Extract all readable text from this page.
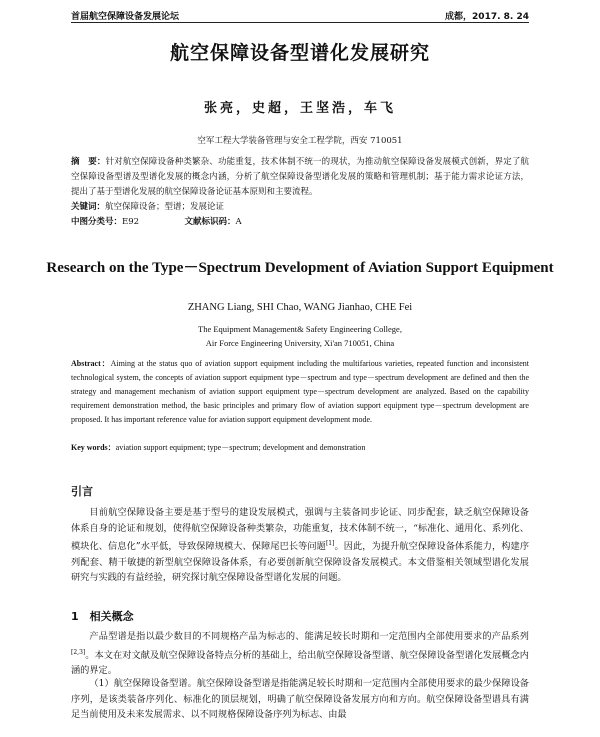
首届航空保障设备发展论坛	成都，2017. 8. 24
航空保障设备型谱化发展研究
张亮，史超，王坚浩，车飞
空军工程大学装备管理与安全工程学院，西安 710051
摘　要：针对航空保障设备种类繁杂、功能重复，技术体制不统一的现状，为推动航空保障设备发展模式创新，界定了航空保障设备型谱及型谱化发展的概念内涵，分析了航空保障设备型谱化发展的策略和管理机制；基于能力需求论证方法，提出了基于型谱化发展的航空保障设备论证基本原则和主要流程。
关键词：航空保障设备；型谱；发展论证
中图分类号：E92	文献标识码：A
Research on the Type－Spectrum Development of Aviation Support Equipment
ZHANG Liang, SHI Chao, WANG Jianhao, CHE Fei
The Equipment Management& Safety Engineering College,
Air Force Engineering University, Xi'an 710051, China
Abstract：Aiming at the status quo of aviation support equipment including the multifarious varieties, repeated function and inconsistent technological system, the concepts of aviation support equipment type－spectrum and type－spectrum development are defined and then the strategy and management mechanism of aviation support equipment type－spectrum development are analyzed. Based on the capability requirement demonstration method, the basic principles and primary flow of aviation support equipment type－spectrum development are proposed. It has important reference value for aviation support equipment development mode.
Key words：aviation support equipment; type－spectrum; development and demonstration
引言
目前航空保障设备主要是基于型号的建设发展模式，强调与主装备同步论证、同步配套，缺乏航空保障设备体系自身的论证和规划，使得航空保障设备种类繁杂，功能重复，技术体制不统一，“标准化、通用化、系列化、模块化、信息化”水平低，导致保障规模大、保障尾巴长等问题[1]。因此，为提升航空保障设备体系能力，构建序列配套、精干敏捷的新型航空保障设备体系，有必要创新航空保障设备发展模式。本文借鉴相关领域型谱化发展研究与实践的有益经验，研究探讨航空保障设备型谱化发展的问题。
1　相关概念
产品型谱是指以最少数目的不同规格产品为标志的、能满足较长时期和一定范围内全部使用要求的产品系列[2,3]。本文在对文献及航空保障设备特点分析的基础上，给出航空保障设备型谱、航空保障设备型谱化发展概念内涵的界定。
（1）航空保障设备型谱。航空保障设备型谱是指能满足较长时期和一定范围内全部使用要求的最少保障设备序列，是该类装备序列化、标准化的顶层规划，明确了航空保障设备发展方向和方向。航空保障设备型谱具有满足当前使用及未来发展需求、以不同规格保障设备序列为标志、由最
